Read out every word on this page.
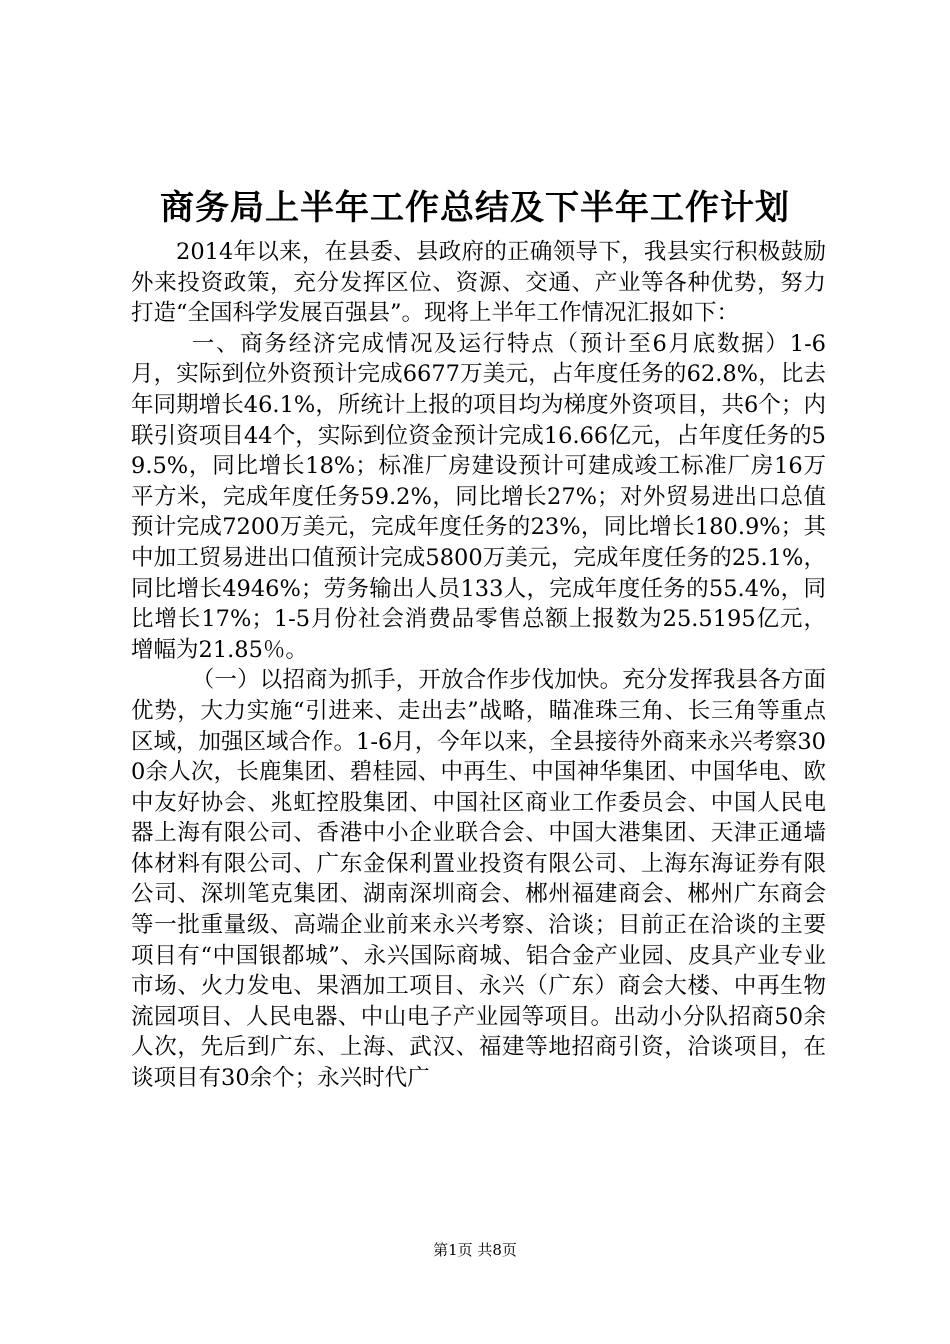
商务局上半年工作总结及下半年工作计划

2014年以来，在县委、县政府的正确领导下，我县实行积极鼓励外来投资政策，充分发挥区位、资源、交通、产业等各种优势，努力打造“全国科学发展百强县”。现将上半年工作情况汇报如下：

一、商务经济完成情况及运行特点（预计至6月底数据）1-6月，实际到位外资预计完成6677万美元，占年度任务的62.8%，比去年同期增长46.1%，所统计上报的项目均为梯度外资项目，共6个；内联引资项目44个，实际到位资金预计完成16.66亿元，占年度任务的59.5%，同比增长18%；标准厂房建设预计可建成竣工标准厂房16万平方米，完成年度任务59.2%，同比增长27%；对外贸易进出口总值预计完成7200万美元，完成年度任务的23%，同比增长180.9%；其中加工贸易进出口值预计完成5800万美元，完成年度任务的25.1%，同比增长4946%；劳务输出人员133人，完成年度任务的55.4%，同比增长17%；1-5月份社会消费品零售总额上报数为25.5195亿元，增幅为21.85％。

（一）以招商为抓手，开放合作步伐加快。充分发挥我县各方面优势，大力实施“引进来、走出去”战略，瞄准珠三角、长三角等重点区域，加强区域合作。1-6月，今年以来，全县接待外商来永兴考察300余人次，长鹿集团、碧桂园、中再生、中国神华集团、中国华电、欧中友好协会、兆虹控股集团、中国社区商业工作委员会、中国人民电器上海有限公司、香港中小企业联合会、中国大港集团、天津正通墙体材料有限公司、广东金保利置业投资有限公司、上海东海证券有限公司、深圳笔克集团、湖南深圳商会、郴州福建商会、郴州广东商会等一批重量级、高端企业前来永兴考察、洽谈；目前正在洽谈的主要项目有“中国银都城”、永兴国际商城、铝合金产业园、皮具产业专业市场、火力发电、果酒加工项目、永兴（广东）商会大楼、中再生物流园项目、人民电器、中山电子产业园等项目。出动小分队招商50余人次，先后到广东、上海、武汉、福建等地招商引资，洽谈项目，在谈项目有30余个；永兴时代广

第1页 共8页
